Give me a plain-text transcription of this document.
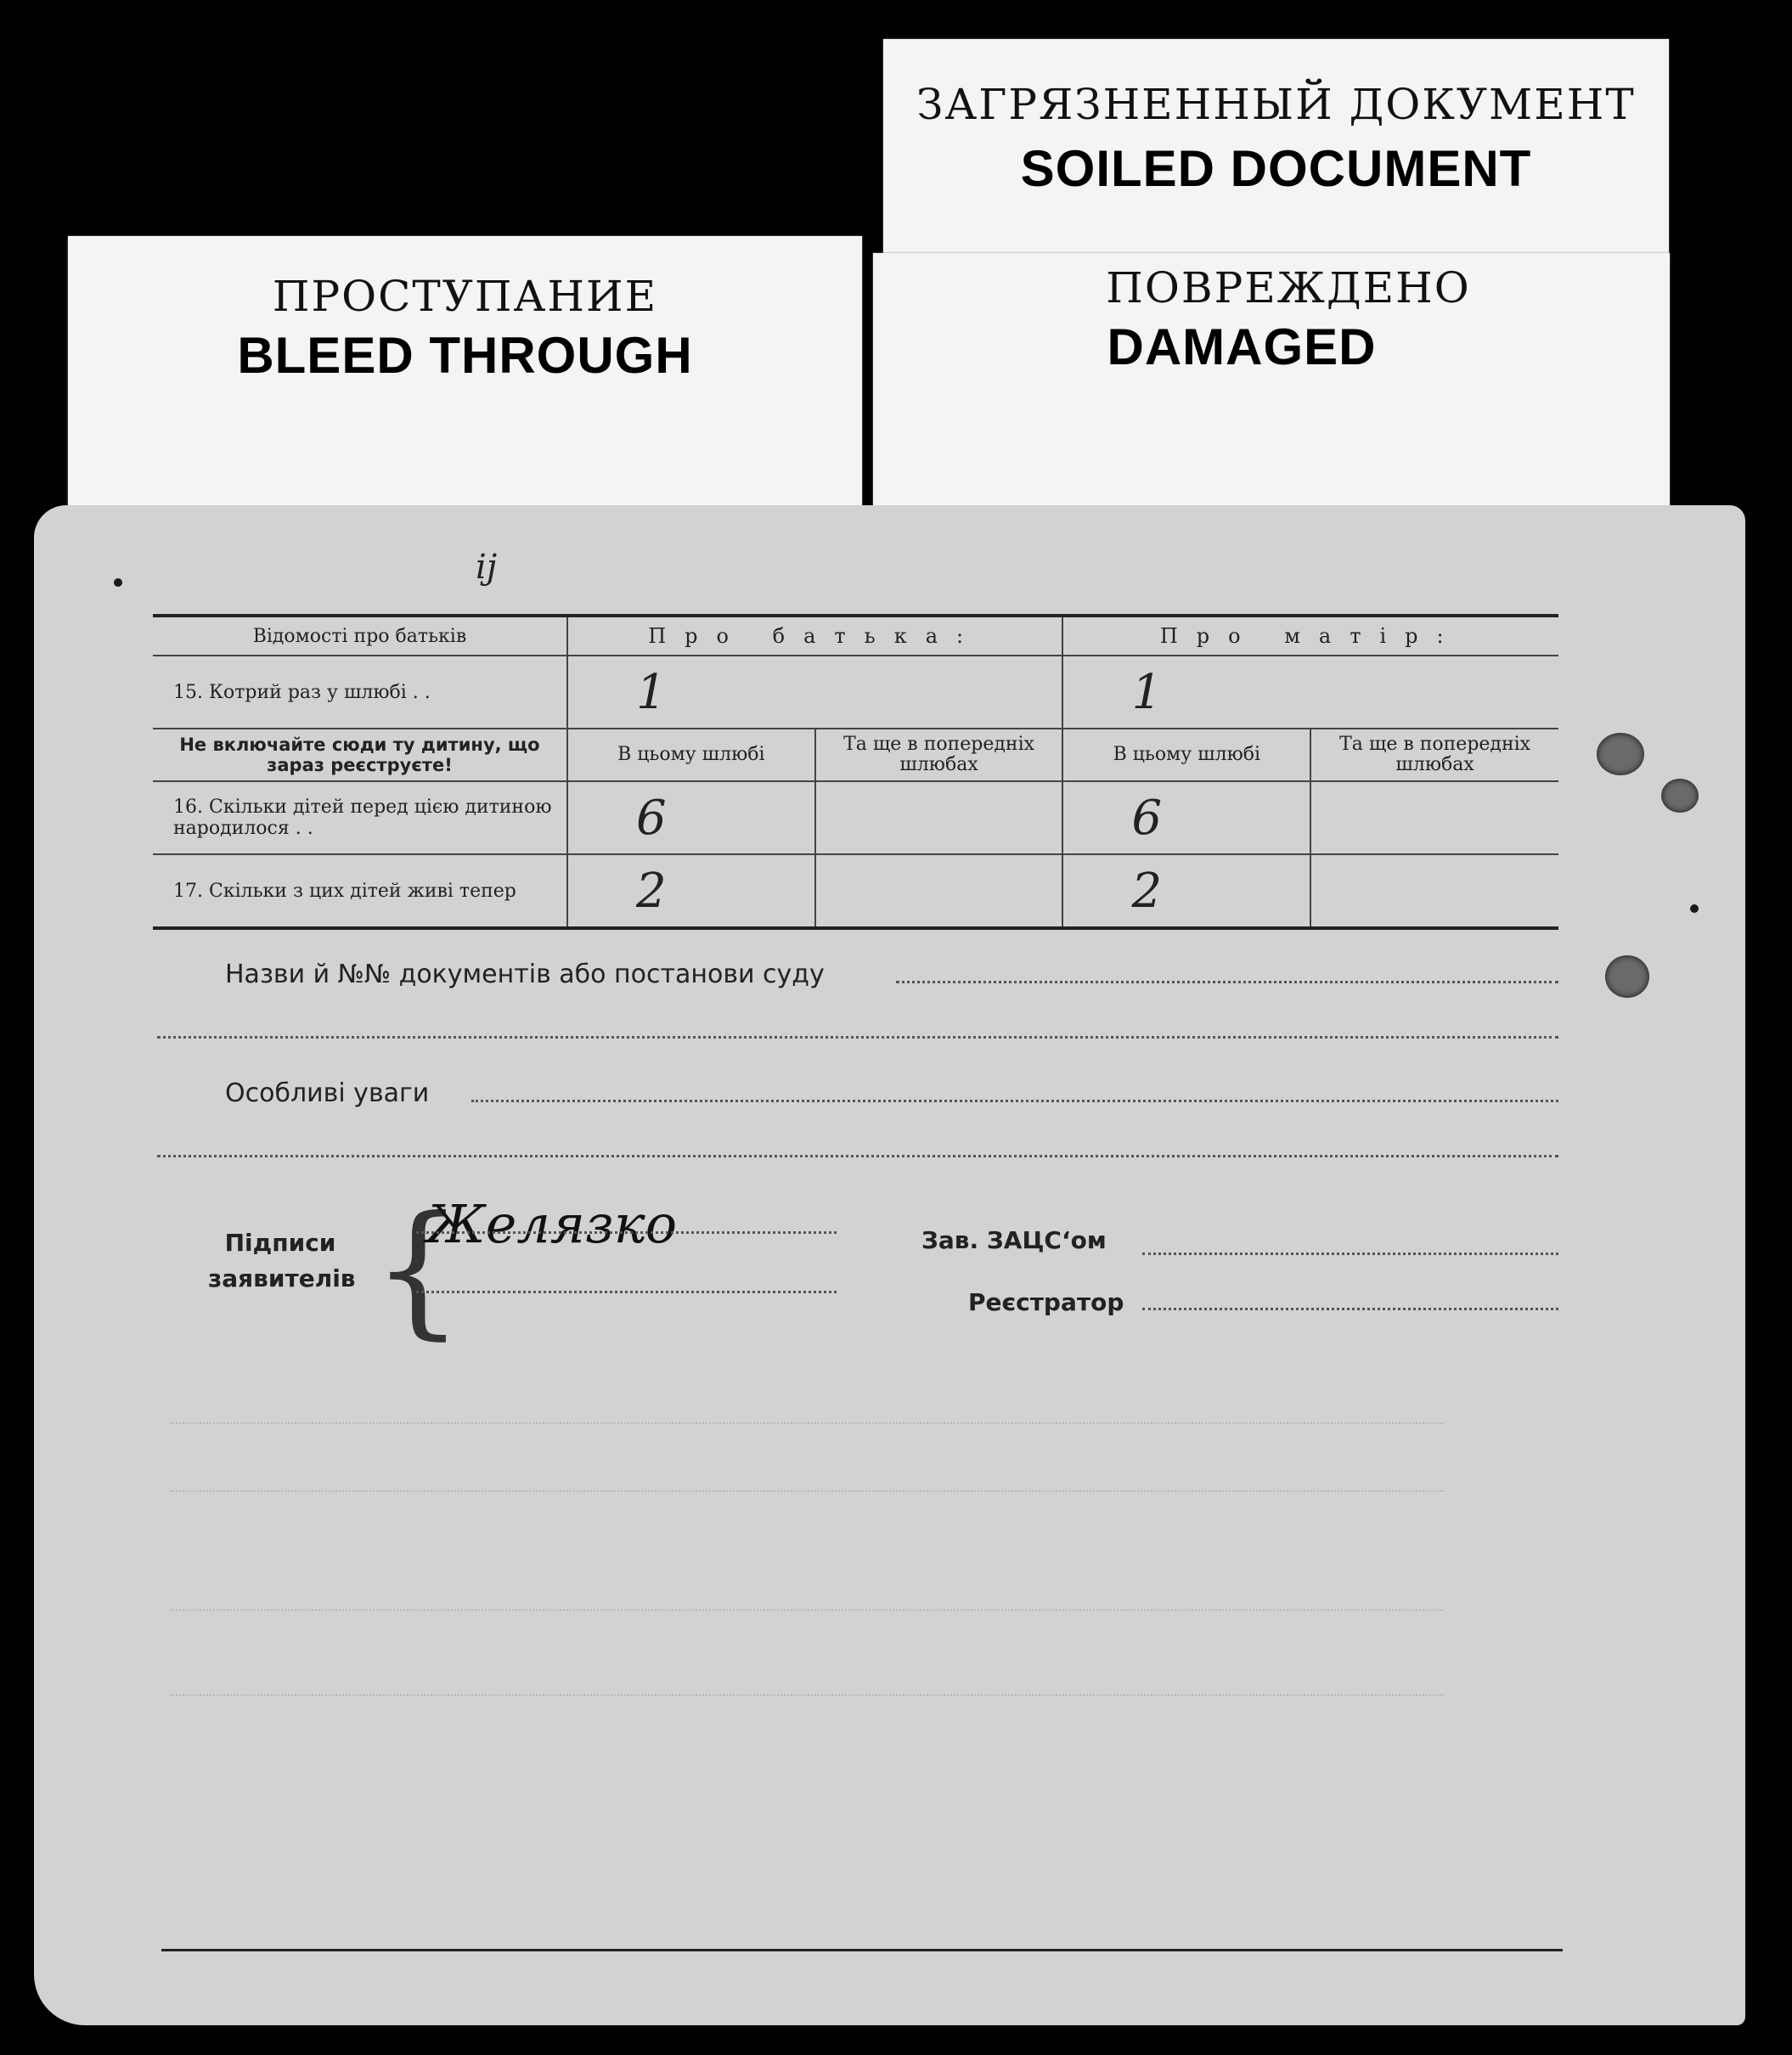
ЗАГРЯЗНЕННЫЙ ДОКУМЕНТ
SOILED DOCUMENT
ПРОСТУПАНИЕ
BLEED THROUGH
ПОВРЕЖДЕНО
DAMAGED
ij
Відомості про батьків	Про батька:		Про матір:	
15. Котрий раз у шлюбі . .	1		1	
Не включайте сюди ту дитину, що зараз реєструєте!	В цьому шлюбі	Та ще в попередніх шлюбах	В цьому шлюбі	Та ще в попередніх шлюбах
16. Скільки дітей перед цією дитиною народилося . .	6		6	
17. Скільки з цих дітей живі тепер	2		2	
Назви й №№ документів або постанови суду
Особливі уваги
Підписи
заявителів {
Желязко	Зав. ЗАЦС‘ом
Реєстратор
